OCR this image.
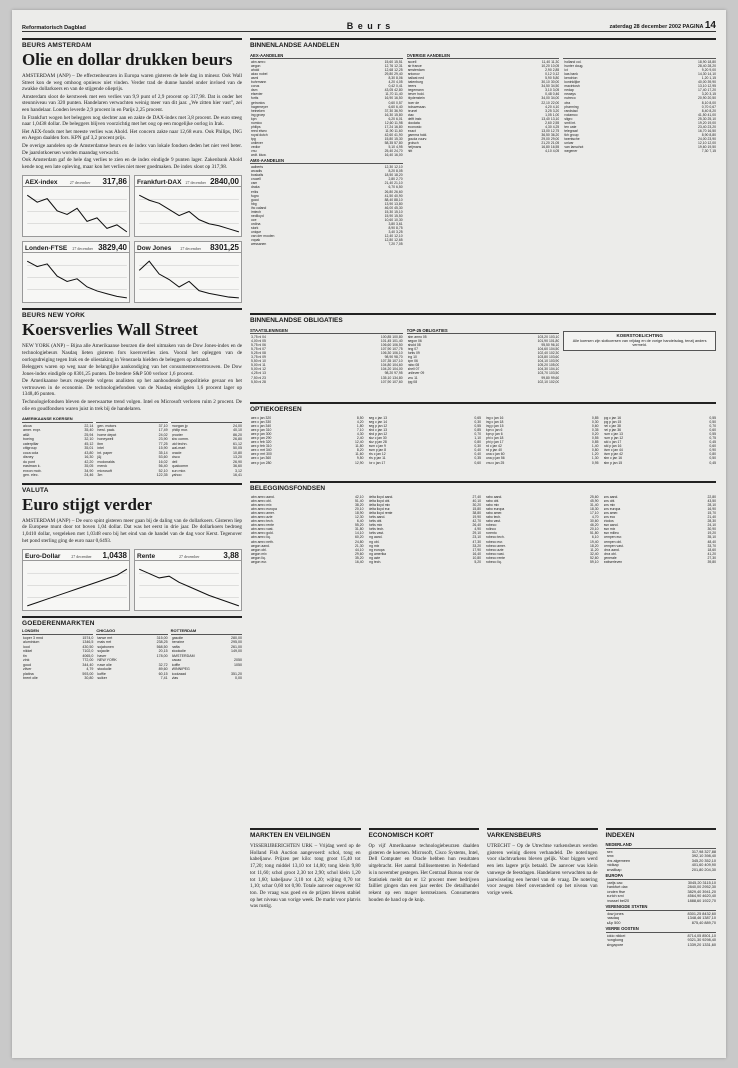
Reformatorisch Dagblad	B e u r s	zaterdag 28 december 2002 PAGINA 14
BEURS AMSTERDAM
Olie en dollar drukken beurs

AMSTERDAM (ANP) – De effectenbeurzen in Europa waren gisteren de hele dag in mineur. Ook Wall Street kon de weg omhoog opnieuw niet vinden. Verder trad de dunne handel onder invloed van de zwakke dollarkoers en van de stijgende olieprijs.

Amsterdam sloot de kerstweek met een verlies van 9,9 punt of 2,9 procent op 317,98. Dat is onder het steunniveau van 320 punten. Handelaren verwachten weinig meer van dit jaar. „We zitten hier vast”, zei een handelaar. Londen leverde 2,9 procent in en Parijs 2,25 procent.

In Frankfurt wogen het beleggers nog slechter aan en zakte de DAX-index met 3,8 procent. De euro steeg naar 1,0438 dollar. De beleggers blijven voorzichtig met het oog op een mogelijke oorlog in Irak.

Het AEX-fonds met het meeste verlies was Ahold. Het concern zakte naar 12,68 euro. Ook Philips, ING en Aegon daalden fors. KPN gaf 3,2 procent prijs.

De overige aandelen op de Amsterdamse beurs en de index van lokale fondsen deden het niet veel beter. De jaarslotkoersen worden maandag verwacht.

Ook Amsterdam gaf de hele dag verlies te zien en de index eindigde 9 punten lager. Zakenbank Ahold kende nog een late opleving, maar kon het verlies niet meer goedmaken. De index sloot op 317,98.

AEX-index	27 december 317,86 Frankfurt-DAX 27 december 2840,00
Londen-FTSE 27 december 3829,40 Dow Jones 27 december 8301,25
BEURS NEW YORK
Koersverlies Wall Street

NEW YORK (ANP) – Bijna alle Amerikaanse beurzen die deel uitmaken van de Dow Jones-index en de technologiebeurs Nasdaq lieten gisteren fors koersverlies zien. Vooral het opleggen van de oorlogsdreiging tegen Irak en de oliestaking in Venezuela hielden de beleggers op afstand.

Beleggers waren op weg naar de belangrijke aankondiging van het consumentenvertrouwen. De Dow Jones-index eindigde op 8301,25 punten. De bredere S&P 500 verloor 1,6 procent.

De Amerikaanse beurs reageerde volgens analisten op het aanhoudende geopolitieke gevaar en het vertrouwen in de economie. De technologiefondsen van de Nasdaq eindigden 1,6 procent lager op 1348,46 punten.

Technologiefondsen bleven de neerwaartse trend volgen. Intel en Microsoft verloren ruim 2 procent. De olie en goudfondsen waren juist in trek bij de handelaren.

AMERIKAANSE KOERSEN
alcoa	22,14
amer. expr.	35,40
at&t	25,94
boeing	32,10
caterpillar	45,12
citigroup	35,01
coca cola	43,80
disney	16,30
du pont	42,20
eastman k.	35,05
exxon mob.	34,90
gen. elec.	24,46

gen. motors	37,10
hewl. pack.	17,49
home depot	24,02
honeywell	23,90
ibm	77,25
intel	15,90
int. paper	35,14
j&j	53,60
mcdonalds	16,02
merck	56,40
microsoft	52,10
3m	122,35

morgan jp	24,00
philip mor.	40,10
procter	86,20
sbc comm.	26,80
utd techn.	61,12
wal-mart	50,05
oracle	10,80
cisco	13,20
dell	26,90
qualcomm	36,60
sun micr.	3,12
yahoo	16,41
VALUTA
Euro stijgt verder

AMSTERDAM (ANP) – De euro spint gisteren meer gaan bij de daling van de dollarkoers. Gisteren liep de Europese munt door tot boven 1,04 dollar. Dat was het eerst in drie jaar. De dollarkoers bedroeg 1,0410 dollar, vergeleken met 1,0348 euro bij het eind van de handel van de dag voor Kerst. Tegenover het pond sterling ging de euro naar 0,6493.

Euro-Dollar	27 december 1,0438 Rente	27 december	3,88
GOEDERENMARKTEN
LONDEN
koper 3 mnd	1574,0
aluminium	1346,5
lood	430,50
nikkel	7102,0
tin	4065,0
zink	772,00
goud	344,40
zilver	4,79
platina	593,00
brent olie	30,80
CHICAGO
tarwe mrt	315,00
mais mrt	238,25
sojabonen	568,50
sojaolie	20,15
haver	178,00
NEW YORK
ruwe olie	32,72
stookolie	89,60
koffie	60,15
suiker	7,41
ROTTERDAM
gasolie	280,00
benzine	295,00
nafta	261,00
stookolie	149,00
AMSTERDAM
cacao	2050
koffie	1050
WINNIPEG
koolzaad	351,20
vlas	0,00
BINNENLANDSE AANDELEN
AEX-AANDELEN
abn amro	15,60 15,51
aegon	12,76 12,31
ahold	12,68 12,25
akzo nobel	29,80 29,40
asml	8,30 8,06
buhrmann	4,20 4,05
corus	0,42 0,41
dsm	43,05 42,80
elsevier	11,70 11,40
fortis	16,90 16,50
getronics	0,60 0,57
hagemeyer	6,60 6,40
heineken	37,30 36,90
ing groep	16,30 15,80
kpn	6,20 6,01
numico	12,60 11,98
philips	17,24 16,80
reed elsev.	11,90 11,60
royal dutch	42,60 41,90
tpg	15,80 15,30
unilever	58,35 57,80
vedior	5,10 4,95
vnu	25,40 24,70
wolt. kluw.	16,40 16,00
AMX-AANDELEN
aalberts	12,30 12,10
arcadis	8,20 8,05
boskalis	18,50 18,20
crucell	2,80 2,70
csm	21,40 21,10
draka	6,70 6,50
eriks	26,80 26,60
fugro	41,50 40,90
gucci	88,40 88,10
hbg	13,90 13,80
ihc caland	46,00 45,30
imtech	15,30 15,10
nedlloyd	15,90 15,50
oce	10,60 10,30
ordina	3,80 3,61
stork	8,90 8,75
unique	3,40 3,25
van der moolen	12,40 12,10
vopak	12,80 12,65
wessanen	7,20 7,05
OVERIGE AANDELEN
accell	11,40 11,30
air france	10,20 10,05
amsterdam	2,90 2,85
antonov	0,12 0,12
ballast ned	5,90 5,80
batenburg	30,10 30,00
beers	34,50 34,50
begemann	3,10 3,05
bever hold.	0,48 0,46
blydenstein	34,00 34,00
boer de	22,10 22,00
bolswessan.	4,20 4,10
brunel	3,25 3,20
ctac	1,05 1,00
delft instr.	13,40 13,10
docdata	2,60 2,55
econosto	4,30 4,25
exact	13,00 12,75
gamma hold.	36,50 36,20
gouda vuurv.	29,00 29,00
grolsch	21,20 21,05
heijmans	16,80 16,55
hitt	4,10 4,05

holland col.	18,90 18,80
hunter doug.	28,40 28,20
ict	9,20 9,00
kas bank	14,30 14,10
kendrion	1,20 1,15
koninklijke	40,00 39,90
macintosh	13,10 12,95
nedap	17,40 17,20
neways	3,20 3,15
nutreco	20,90 20,50
otra	8,10 8,00
pharming	0,70 0,67
randstad	8,40 8,20
rodamco	41,50 41,00
sligro	25,30 25,10
smit int.	19,20 19,00
ten cate	23,40 23,20
telegraaf	16,70 16,50
tkh group	8,90 8,80
twentsche	24,00 23,90
univar	12,10 12,00
van lanschot	19,60 19,50
wegener	7,30 7,15
BINNENLANDSE OBLIGATIES
STAATSLENINGEN
3,75 nl 04	100,85 100,80
4,00 nl 05	101,45 101,40
5,75 nl 06	106,60 106,50
5,75 nl 07	107,90 107,75
5,25 nl 08	106,30 106,10
3,75 nl 09	98,90 98,70
5,50 nl 10	107,35 107,10
5,00 nl 11	104,80 104,60
5,00 nl 12	104,20 104,00
4,25 nl 13	98,20 97,95
7,50 nl 23	135,10 134,80
5,50 nl 28	107,90 107,60
TOP-25 OBLIGATIES
abn amro 05	103,20 103,10
aegon 06	101,90 101,80
ahold 08	95,50 96,10
bng 07	104,60 104,50
fortis 09	102,40 102,30
ing 10	103,80 103,60
kpn 06	104,10 103,90
rabo 08	105,20 105,00
shell 07	104,30 104,10
unilever 09	103,70 103,50
vnu 11	99,80 99,60
tpg 08	102,10 102,00
KOERSTOELICHTING
Alle koersen zijn slotkoersen van vrijdag en de vorige handelsdag, tenzij anders vermeld.
OPTIEKOERSEN
aex c jan 320	8,50
aex c jan 330	4,20
aex c jan 340	1,80
aex p jan 310	7,10
aex p jan 300	4,30
aex p jan 290	2,40
aex c feb 320	12,40
aex p feb 310	11,80
aex c mrt 340	8,20
aex p mrt 300	11,60
aex c jun 360	9,50
aex p jun 280	12,90
aeg c jan 13	0,65
aeg c jan 14	0,30
aeg p jan 12	0,55
ahd c jan 13	0,85
ahd p jan 12	0,70
akz c jan 30	1,10
akz p jan 28	0,80
asm c jan 9	0,30
asm p jan 8	0,40
els c jan 12	0,40
els p jan 11	0,35
for c jan 17	0,60
ing c jan 16	0,85
ing c jan 18	0,30
ing p jan 15	0,60
kpn c jan 6	0,35
kpn p jan 6	0,20
phi c jan 18	0,55
phi p jan 17	0,85
rd c jan 42	1,40
rd p jan 40	0,80
una c jan 60	1,20
una p jan 56	1,30
vnu c jan 25	0,95
tpg c jan 16	0,55
tpg p jan 15	0,50
hei c jan 38	0,70
hei p jan 36	0,60
num c jan 13	0,55
num p jan 12	0,75
wkl c jan 17	0,45
wkl p jan 16	0,60
dsm c jan 44	0,90
dsm p jan 42	0,80
abn c jan 16	0,50
abn p jan 15	0,45
BELEGGINGSFONDSEN
abn amro aand.	42,10
abn amro obl.	51,40
abn amro mix	38,20
abn amro europa	20,10
abn amro amer.	18,90
abn amro azie	12,30
abn amro tech.	6,40
abn amro rente	55,20
abn amro vast.	31,80
abn amro gold.	14,10
abn amro liq.	60,20
abn amro neth.	24,80
aegon aand.	21,30
aegon obl.	44,10
aegon mix	29,60
aegon liq.	35,20
aegon eur.	16,40
delta lloyd aand.	27,40
delta lloyd obl.	40,10
delta lloyd mix	30,20
delta lloyd eur.	15,80
delta lloyd rente	38,80
fortis aand.	19,90
fortis obl.	42,70
fortis mix	26,40
fortis tech.	4,90
fortis vast.	29,10
ing aand.	23,10
ing obl.	47,30
ing mix	33,20
ing europa	17,90
ing amerika	16,40
ing azie	10,80
ing tech.	5,20
rabo aand.	25,60
rabo obl.	45,90
rabo mix	31,40
rabo europa	18,30
rabo amer.	17,10
rabo tech.	4,70
rabo vast.	30,60
robeco	46,20
rolinco	20,10
rorento	51,80
robeco tech.	6,10
robeco eur.	19,40
robeco amer.	18,20
robeco azie	11,20
robeco vast.	32,40
robeco rente	52,60
robeco liq.	59,10
sns aand.	22,80
sns obl.	43,50
sns mix	28,10
sns europa	16,90
sns amer.	15,70
sns eco	21,40
triodos	28,30
asn aand.	24,10
asn mix	30,90
asn milieu	19,20
kempen eur.	35,10
kempen obl.	48,40
kempen vast.	33,70
ohra aand.	18,60
ohra obl.	41,20
generale	27,30
zwitserleven	39,80
MARKTEN EN VEILINGEN
VISSERIJBERICHTEN URK – Vrijdag werd op de Holland Fish Auction aangevoerd: schol, tong en kabeljauw. Prijzen per kilo: tong groot 15,40 tot 17,20; tong middel 13,10 tot 14,80; tong klein 9,80 tot 11,60; schol groot 2,30 tot 2,90; schol klein 1,20 tot 1,60; kabeljauw 3,10 tot 4,20; wijting 0,70 tot 1,10; schar 0,60 tot 0,90. Totale aanvoer ongeveer 82 ton. De vraag was goed en de prijzen bleven stabiel op het niveau van vorige week. De markt voor platvis was rustig.
ECONOMISCH KORT
Op vijf Amerikaanse technologiebeurzen daalden gisteren de koersen. Microsoft, Cisco Systems, Intel, Dell Computer en Oracle hebben hun resultaten uitgebracht. Het aantal faillissementen in Nederland is in november gestegen. Het Centraal Bureau voor de Statistiek meldt dat er 12 procent meer bedrijven failliet gingen dan een jaar eerder. De detailhandel rekent op een mager kerstseizoen. Consumenten houden de hand op de knip.
VARKENSBEURS
UTRECHT – Op de Utrechtse varkensbeurs werden gisteren weinig dieren verhandeld. De noteringen voor slachtvarkens bleven gelijk. Voor biggen werd een iets lagere prijs betaald. De aanvoer was klein vanwege de feestdagen. Handelaren verwachten na de jaarwisseling een herstel van de vraag. De notering voor zeugen bleef onveranderd op het niveau van vorige week.
INDEXEN
NEDERLAND
aex	317,98 327,88
amx	392,10 398,40
cbs algemeen	345,20 352,10
midkap	401,60 409,90
smallkap	201,80 204,30
EUROPA
parijs cac	3045,20 3115,10
frankfurt dax	2840,00 2952,30
londen ftse	3829,40 3941,20
zurich smi	4564,90 4620,40
brussel bel20	1888,60 1922,70
VERENIGDE STATEN
dow jones	8301,25 8432,60
nasdaq	1348,46 1387,10
s&p 500	875,40 889,70
VERRE OOSTEN
tokio nikkei	8714,05 8501,10
hongkong	9321,30 9298,40
singapore	1339,20 1331,60
